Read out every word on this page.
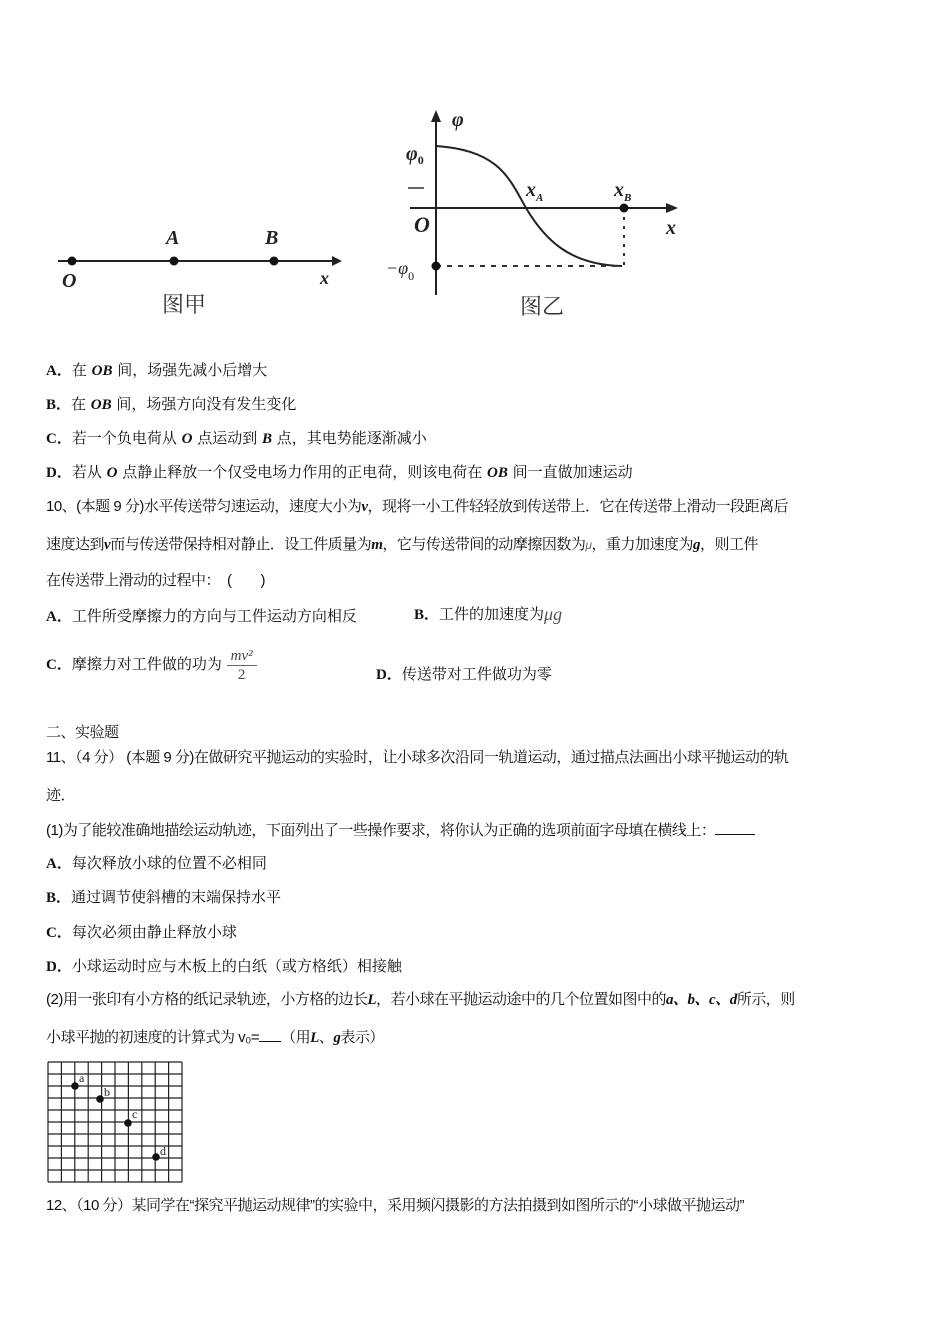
O
A	B
x
图甲
φ
$\varphi_0$
O
$-\varphi_0$
$x_A$	$x_B$
x
图乙
A．在 OB 间，场强先减小后增大
B．在 OB 间，场强方向没有发生变化
C．若一个负电荷从 O 点运动到 B 点，其电势能逐渐减小
D．若从 O 点静止释放一个仅受电场力作用的正电荷，则该电荷在 OB 间一直做加速运动
10、(本题 9 分)水平传送带匀速运动，速度大小为v，现将一小工件轻轻放到传送带上．它在传送带上滑动一段距离后
速度达到v而与传送带保持相对静止．设工件质量为m，它与传送带间的动摩擦因数为$^\mu$，重力加速度为g，则工件
在传送带上滑动的过程中：　(　　)
A．工件所受摩擦力的方向与工件运动方向相反	B．工件的加速度为μg
C．摩擦力对工件做的功为 $\frac{\text{mv²}}{2}$	D．传送带对工件做功为零
二、实验题
11、（4 分） (本题 9 分)在做研究平抛运动的实验时，让小球多次沿同一轨道运动，通过描点法画出小球平抛运动的轨
迹．
(1)为了能较准确地描绘运动轨迹，下面列出了一些操作要求，将你认为正确的选项前面字母填在横线上：
A．每次释放小球的位置不必相同
B．通过调节使斜槽的末端保持水平
C．每次必须由静止释放小球
D．小球运动时应与木板上的白纸（或方格纸）相接触
(2)用一张印有小方格的纸记录轨迹，小方格的边长L，若小球在平抛运动途中的几个位置如图中的a、b、c、d所示，则
小球平抛的初速度的计算式为 v₀= （用L、g表示）
a
b
c
d
12、（10 分）某同学在“探究平抛运动规律”的实验中，采用频闪摄影的方法拍摄到如图所示的“小球做平抛运动”
